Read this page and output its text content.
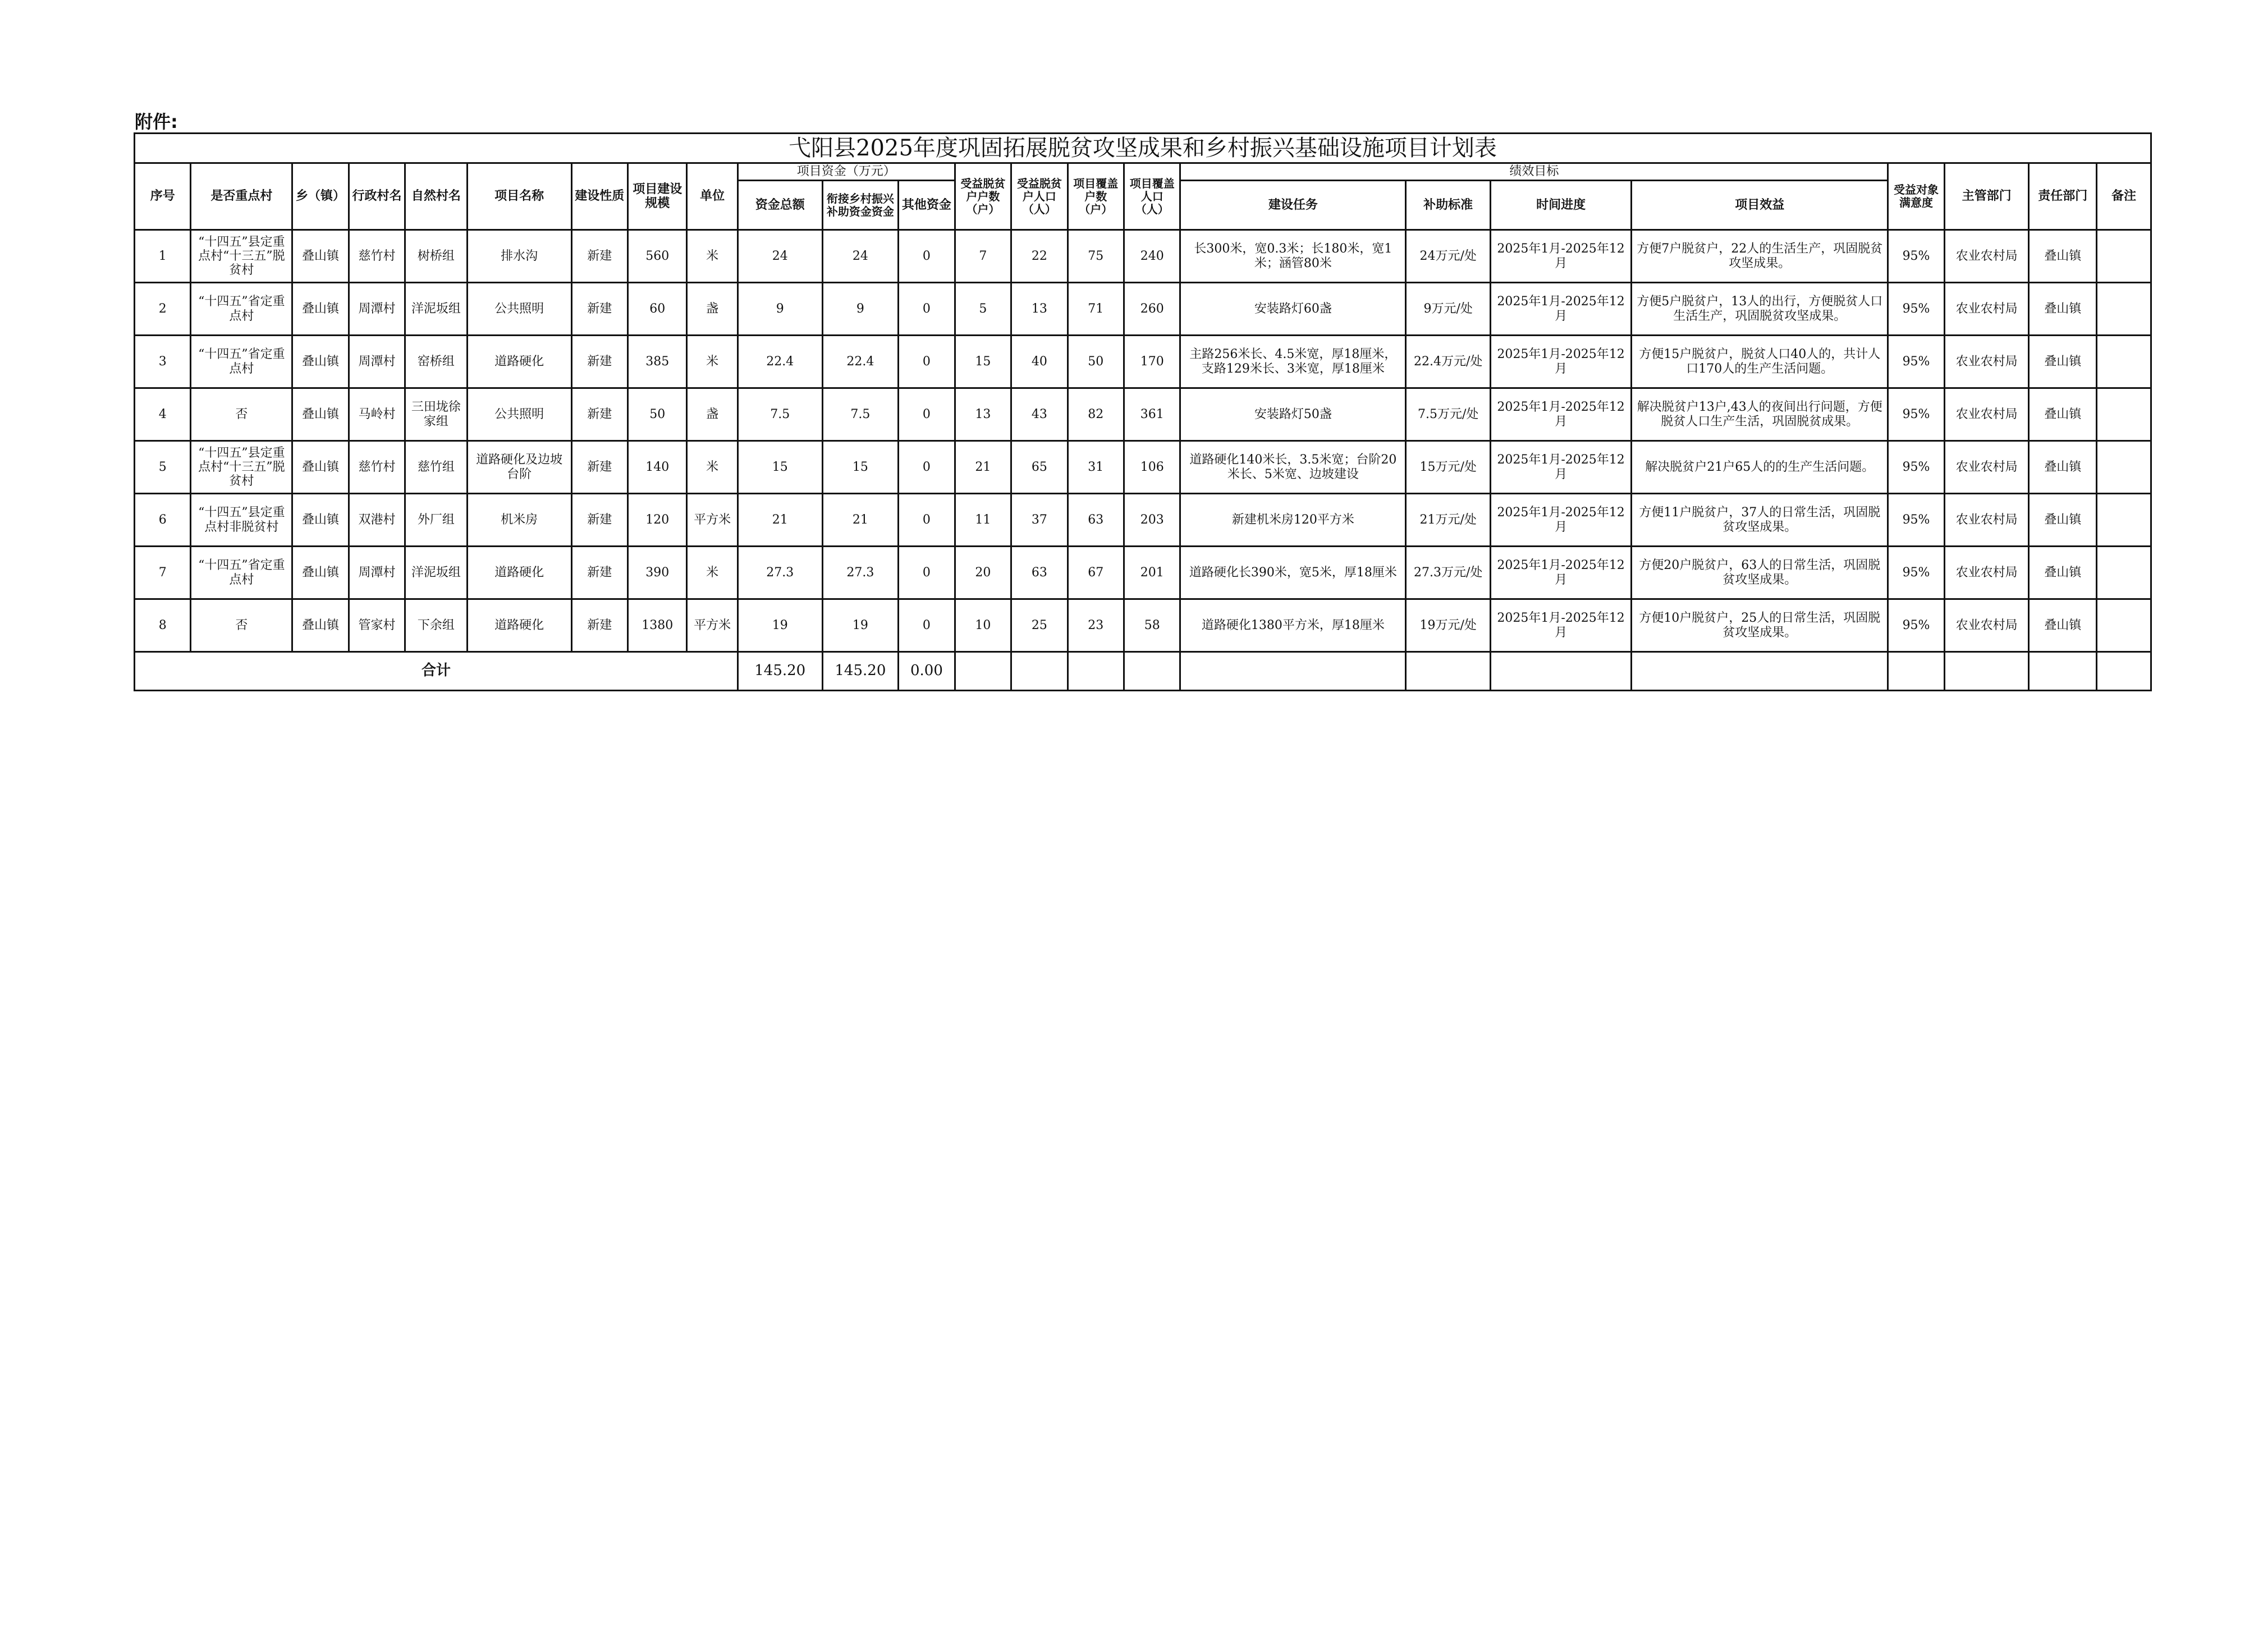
附件:
弋阳县2025年度巩固拓展脱贫攻坚成果和乡村振兴基础设施项目计划表																							
序号	是否重点村	乡（镇）	行政村名	自然村名	项目名称	建设性质	项目建设规模	单位	项目资金（万元）			受益脱贫户户数（户）	受益脱贫户人口（人）	项目覆盖户数（户）	项目覆盖人口（人）	绩效目标				受益对象满意度	主管部门	责任部门	备注
									资金总额	衔接乡村振兴补助资金资金	其他资金					建设任务	补助标准	时间进度	项目效益				
1	“十四五”县定重点村“十三五”脱贫村	叠山镇	慈竹村	树桥组	排水沟	新建	560	米	24	24	0	7	22	75	240	长300米，宽0.3米；长180米，宽1米；涵管80米	24万元/处	2025年1月-2025年12月	方便7户脱贫户，22人的生活生产，巩固脱贫攻坚成果。	95%	农业农村局	叠山镇	
2	“十四五”省定重点村	叠山镇	周潭村	洋泥坂组	公共照明	新建	60	盏	9	9	0	5	13	71	260	安装路灯60盏	9万元/处	2025年1月-2025年12月	方便5户脱贫户，13人的出行，方便脱贫人口生活生产，巩固脱贫攻坚成果。	95%	农业农村局	叠山镇	
3	“十四五”省定重点村	叠山镇	周潭村	窑桥组	道路硬化	新建	385	米	22.4	22.4	0	15	40	50	170	主路256米长、4.5米宽，厚18厘米，支路129米长、3米宽，厚18厘米	22.4万元/处	2025年1月-2025年12月	方便15户脱贫户，脱贫人口40人的，共计人口170人的生产生活问题。	95%	农业农村局	叠山镇	
4	否	叠山镇	马岭村	三田垅徐家组	公共照明	新建	50	盏	7.5	7.5	0	13	43	82	361	安装路灯50盏	7.5万元/处	2025年1月-2025年12月	解决脱贫户13户,43人的夜间出行问题，方便脱贫人口生产生活，巩固脱贫成果。	95%	农业农村局	叠山镇	
5	“十四五”县定重点村“十三五”脱贫村	叠山镇	慈竹村	慈竹组	道路硬化及边坡台阶	新建	140	米	15	15	0	21	65	31	106	道路硬化140米长，3.5米宽；台阶20米长、5米宽、边坡建设	15万元/处	2025年1月-2025年12月	解决脱贫户21户65人的的生产生活问题。	95%	农业农村局	叠山镇	
6	“十四五”县定重点村非脱贫村	叠山镇	双港村	外厂组	机米房	新建	120	平方米	21	21	0	11	37	63	203	新建机米房120平方米	21万元/处	2025年1月-2025年12月	方便11户脱贫户，37人的日常生活，巩固脱贫攻坚成果。	95%	农业农村局	叠山镇	
7	“十四五”省定重点村	叠山镇	周潭村	洋泥坂组	道路硬化	新建	390	米	27.3	27.3	0	20	63	67	201	道路硬化长390米，宽5米，厚18厘米	27.3万元/处	2025年1月-2025年12月	方便20户脱贫户，63人的日常生活，巩固脱贫攻坚成果。	95%	农业农村局	叠山镇	
8	否	叠山镇	管家村	下余组	道路硬化	新建	1380	平方米	19	19	0	10	25	23	58	道路硬化1380平方米，厚18厘米	19万元/处	2025年1月-2025年12月	方便10户脱贫户，25人的日常生活，巩固脱贫攻坚成果。	95%	农业农村局	叠山镇	
合计									145.20	145.20	0.00												
